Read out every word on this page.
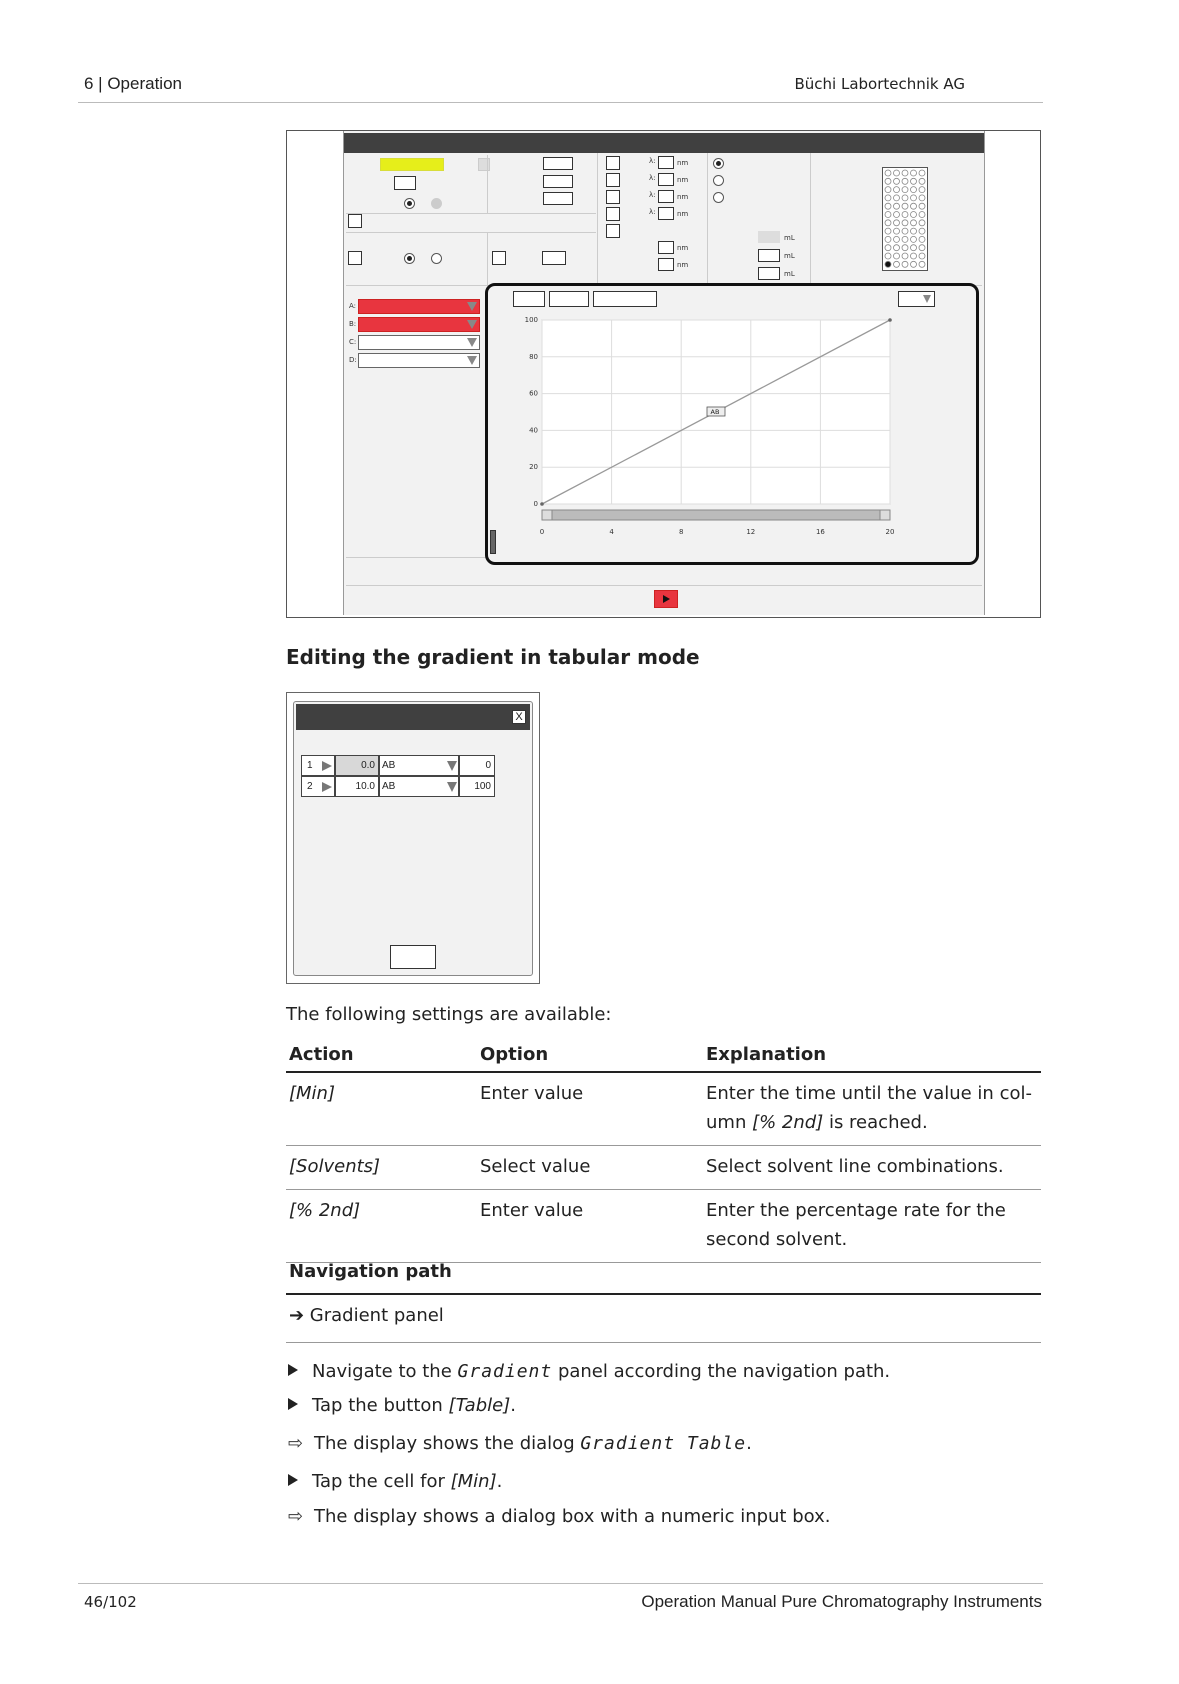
6 | Operation	Büchi Labortechnik AG
λ:	nm
λ:	nm
λ:	nm
λ:	nm
nm
nm
mL
mL
mL
A:
B:
C:
D:
0	4	8	12	16	20
0
20
40
60
80
100
AB
Editing the gradient in tabular mode
X
1	0.0 AB	0
2	10.0 AB	100
The following settings are available:
Action	Option	Explanation
[Min]	Enter value	Enter the time until the value in col-umn [% 2nd] is reached.
[Solvents]	Select value	Select solvent line combinations.
[% 2nd]	Enter value	Enter the percentage rate for the second solvent.
Navigation path
➔ Gradient panel
Navigate to the Gradient panel according the navigation path.
Tap the button [Table].
⇨ The display shows the dialog Gradient Table.
Tap the cell for [Min].
⇨ The display shows a dialog box with a numeric input box.
46/102	Operation Manual Pure Chromatography Instruments
